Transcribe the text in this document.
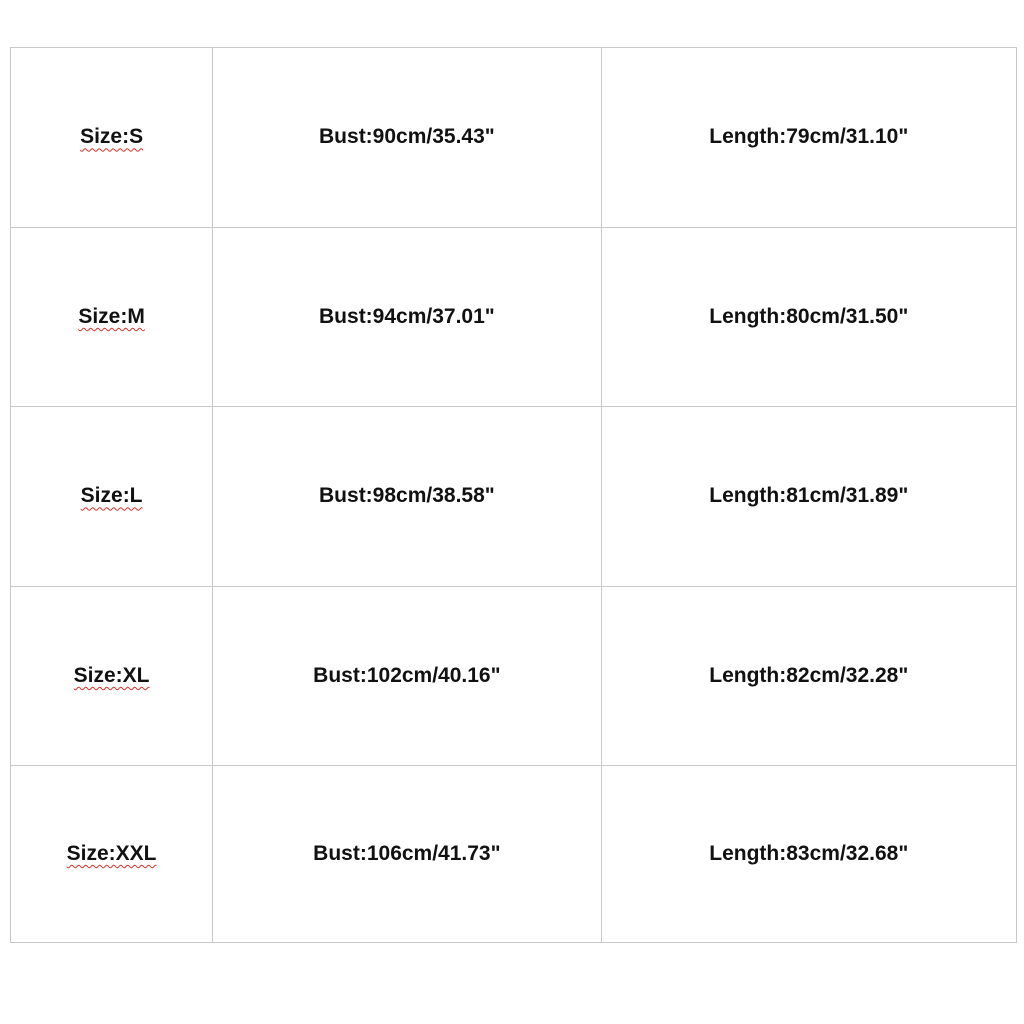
Size:S	Bust:90cm/35.43"	Length:79cm/31.10"
Size:M	Bust:94cm/37.01"	Length:80cm/31.50"
Size:L	Bust:98cm/38.58"	Length:81cm/31.89"
Size:XL	Bust:102cm/40.16"	Length:82cm/32.28"
Size:XXL	Bust:106cm/41.73"	Length:83cm/32.68"
